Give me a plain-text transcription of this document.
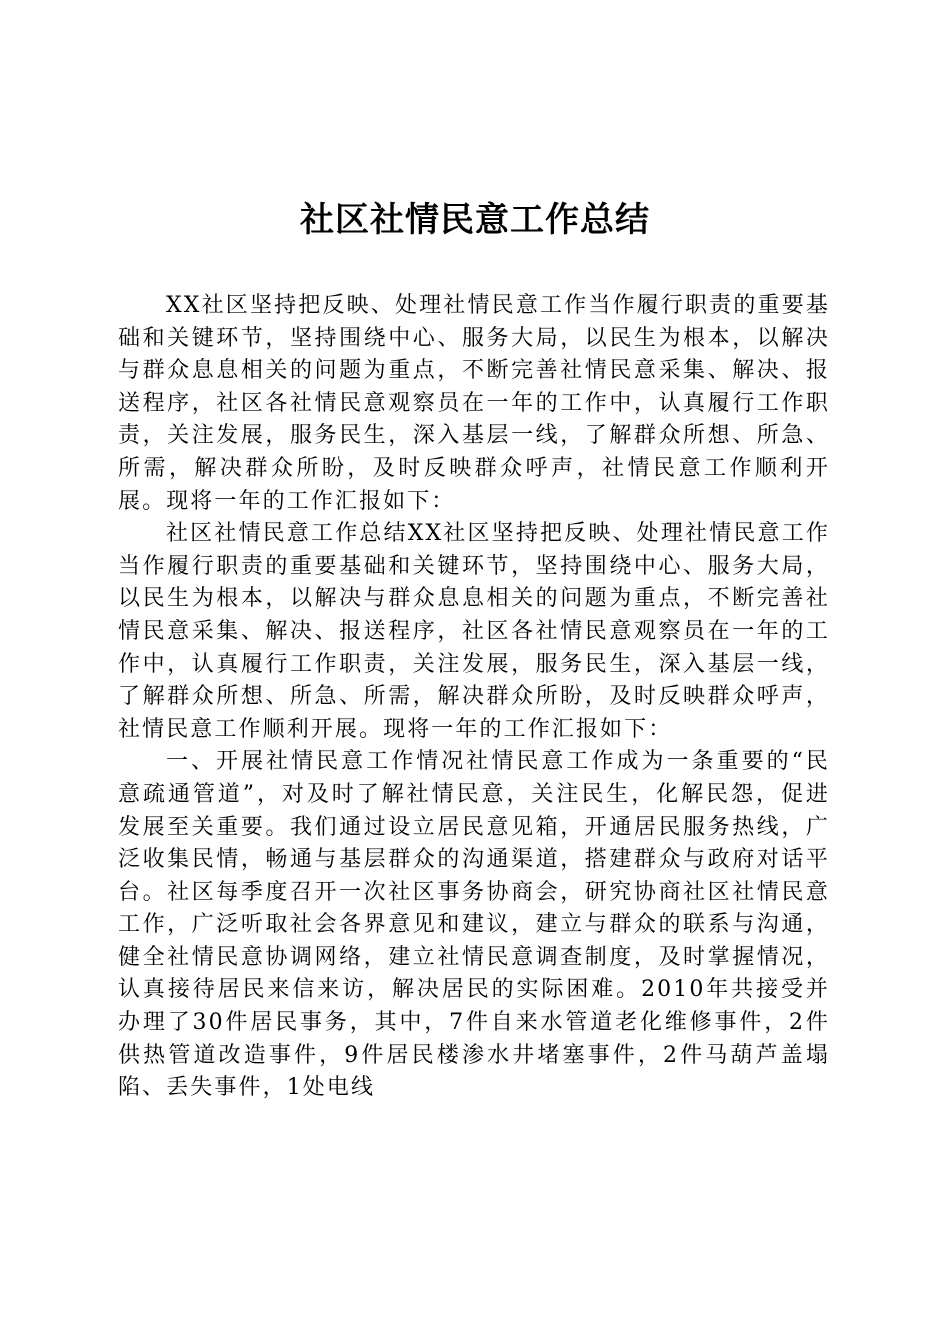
社区社情民意工作总结

XX社区坚持把反映、处理社情民意工作当作履行职责的重要基础和关键环节，坚持围绕中心、服务大局，以民生为根本，以解决与群众息息相关的问题为重点，不断完善社情民意采集、解决、报送程序，社区各社情民意观察员在一年的工作中，认真履行工作职责，关注发展，服务民生，深入基层一线，了解群众所想、所急、所需，解决群众所盼，及时反映群众呼声，社情民意工作顺利开展。现将一年的工作汇报如下：

社区社情民意工作总结XX社区坚持把反映、处理社情民意工作当作履行职责的重要基础和关键环节，坚持围绕中心、服务大局，以民生为根本，以解决与群众息息相关的问题为重点，不断完善社情民意采集、解决、报送程序，社区各社情民意观察员在一年的工作中，认真履行工作职责，关注发展，服务民生，深入基层一线，了解群众所想、所急、所需，解决群众所盼，及时反映群众呼声，社情民意工作顺利开展。现将一年的工作汇报如下：

一、开展社情民意工作情况社情民意工作成为一条重要的“民意疏通管道”，对及时了解社情民意，关注民生，化解民怨，促进发展至关重要。我们通过设立居民意见箱，开通居民服务热线，广泛收集民情，畅通与基层群众的沟通渠道，搭建群众与政府对话平台。社区每季度召开一次社区事务协商会，研究协商社区社情民意工作，广泛听取社会各界意见和建议，建立与群众的联系与沟通，健全社情民意协调网络，建立社情民意调查制度，及时掌握情况，认真接待居民来信来访，解决居民的实际困难。2010年共接受并办理了30件居民事务，其中，7件自来水管道老化维修事件，2件供热管道改造事件，9件居民楼渗水井堵塞事件，2件马葫芦盖塌陷、丢失事件，1处电线
